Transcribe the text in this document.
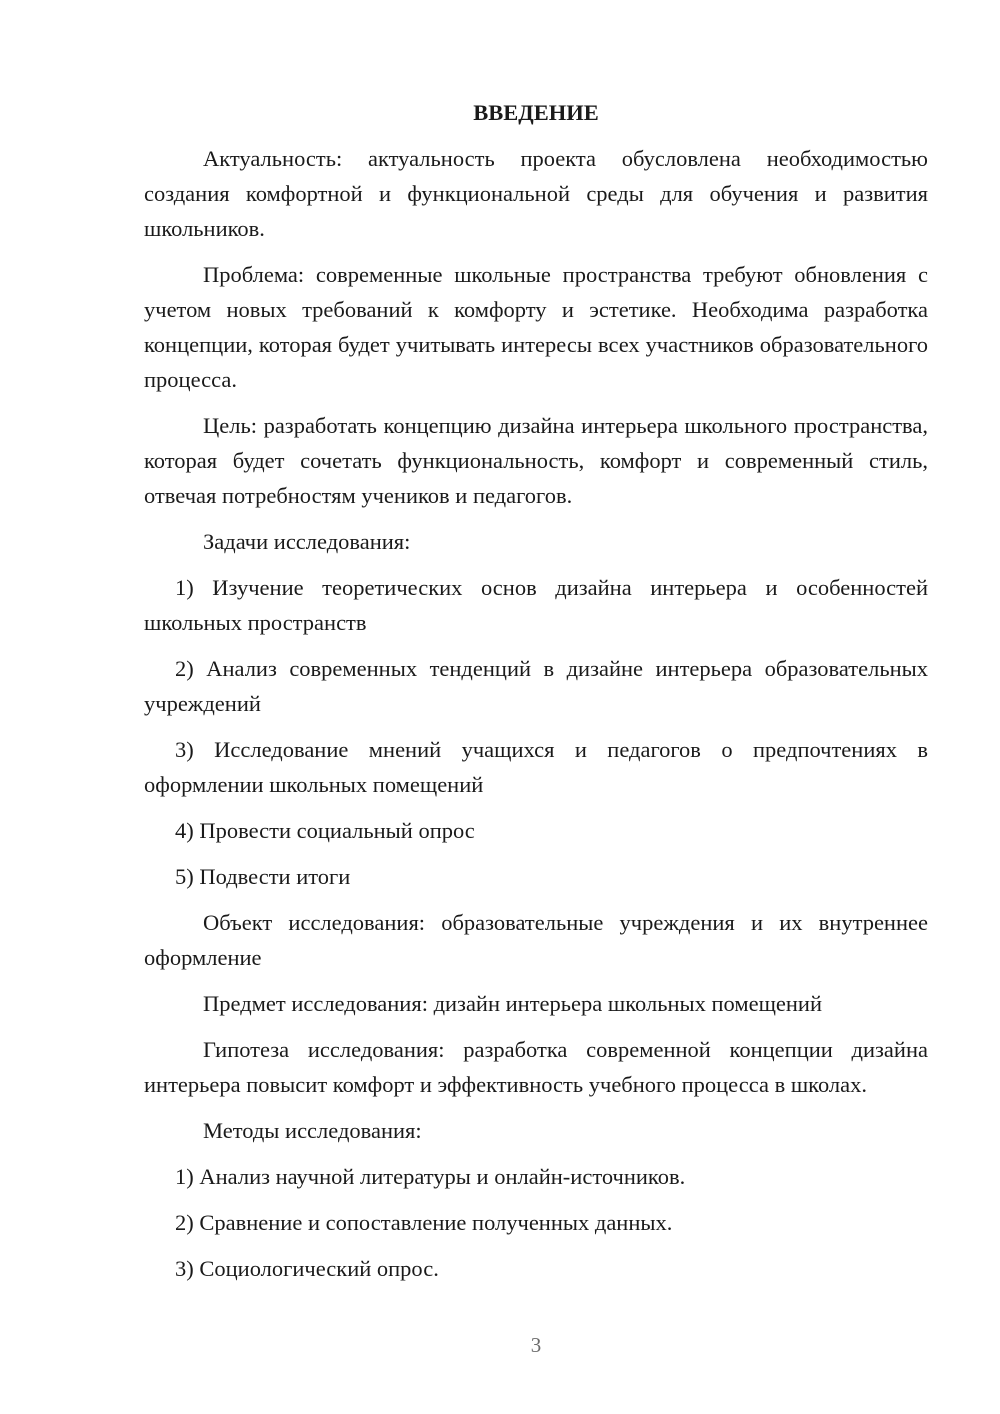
ВВЕДЕНИЕ

Актуальность: актуальность проекта обусловлена необходимостью создания комфортной и функциональной среды для обучения и развития школьников.

Проблема: современные школьные пространства требуют обновления с учетом новых требований к комфорту и эстетике. Необходима разработка концепции, которая будет учитывать интересы всех участников образовательного процесса.

Цель: разработать концепцию дизайна интерьера школьного пространства, которая будет сочетать функциональность, комфорт и современный стиль, отвечая потребностям учеников и педагогов.

Задачи исследования:

1) Изучение теоретических основ дизайна интерьера и особенностей школьных пространств

2) Анализ современных тенденций в дизайне интерьера образовательных учреждений

3) Исследование мнений учащихся и педагогов о предпочтениях в оформлении школьных помещений

4) Провести социальный опрос

5) Подвести итоги

Объект исследования: образовательные учреждения и их внутреннее оформление

Предмет исследования: дизайн интерьера школьных помещений

Гипотеза исследования: разработка современной концепции дизайна интерьера повысит комфорт и эффективность учебного процесса в школах.

Методы исследования:

1) Анализ научной литературы и онлайн-источников.

2) Сравнение и сопоставление полученных данных.

3) Социологический опрос.

3
